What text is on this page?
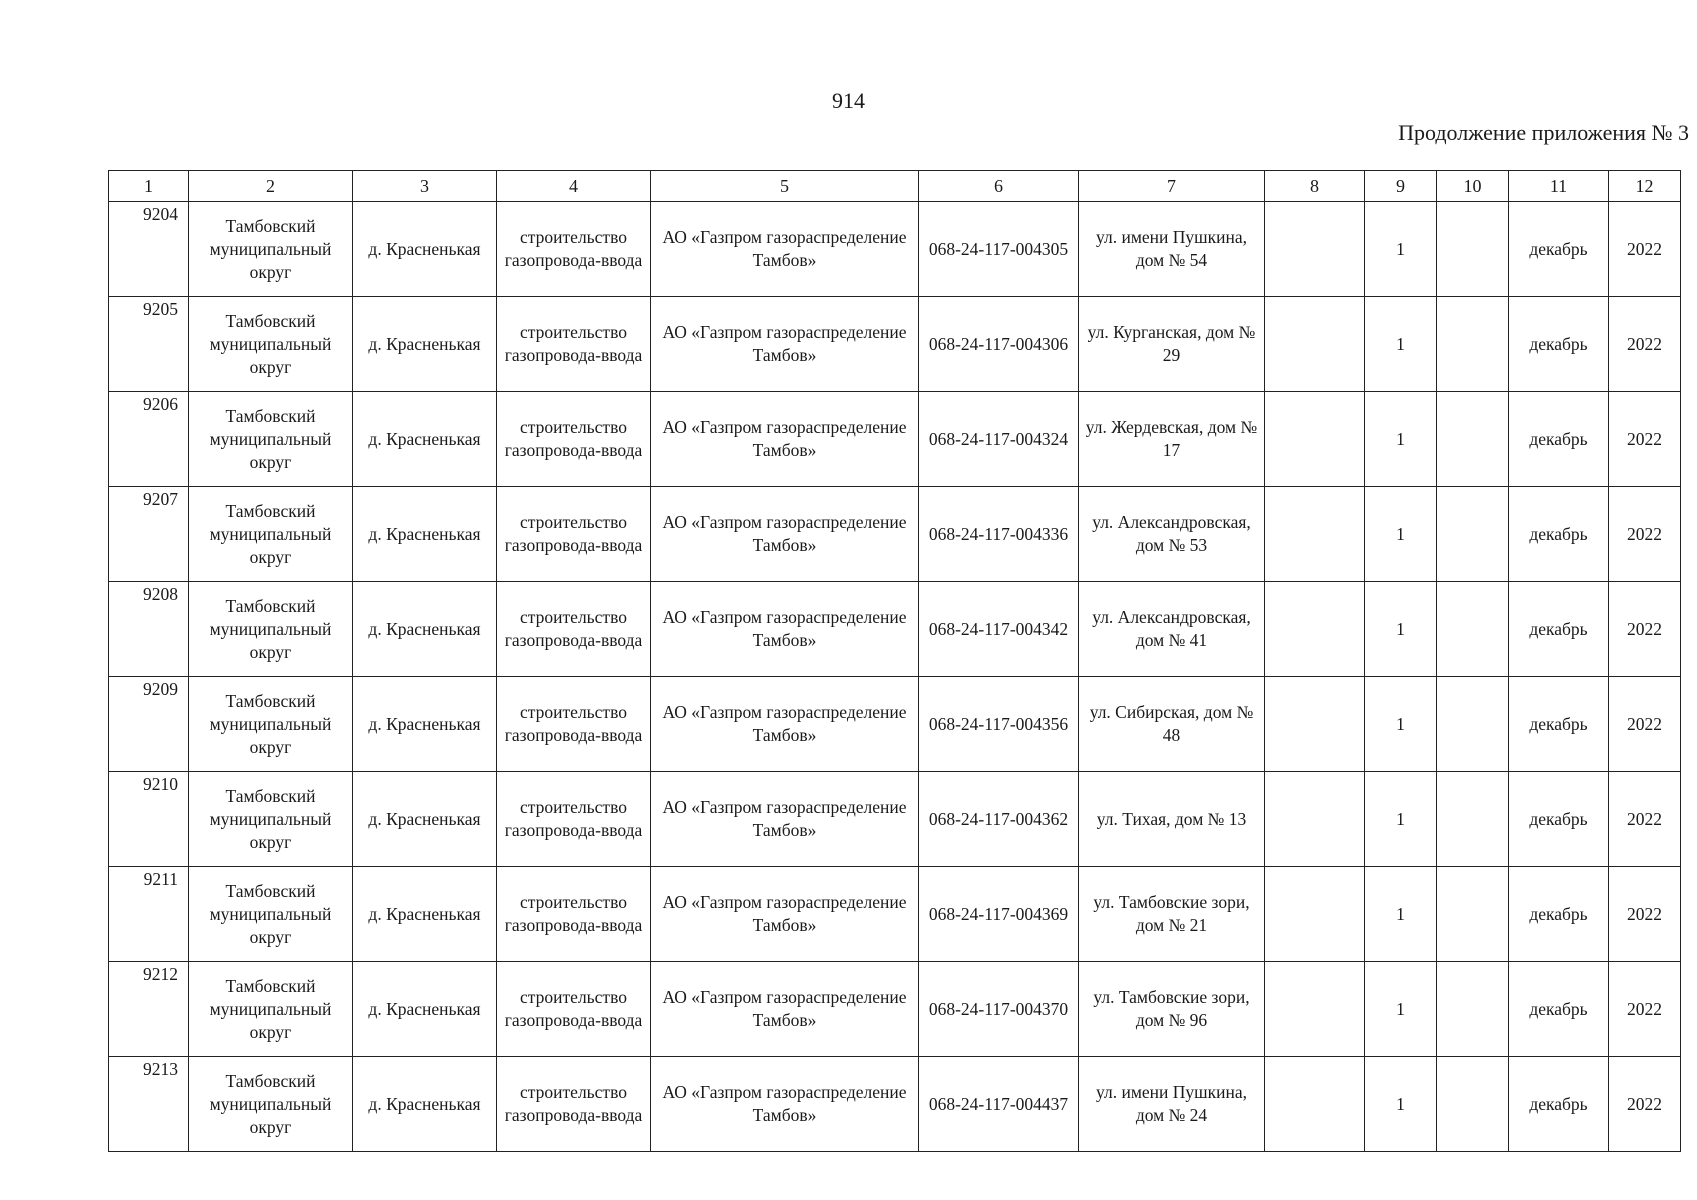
914
Продолжение приложения № 3
1	2	3	4	5	6	7	8	9	10	11	12
9204	Тамбовский муниципальный округ	д. Красненькая	строительство газопровода-ввода	АО «Газпром газораспределение Тамбов»	068-24-117-004305	ул. имени Пушкина, дом № 54		1		декабрь	2022
9205	Тамбовский муниципальный округ	д. Красненькая	строительство газопровода-ввода	АО «Газпром газораспределение Тамбов»	068-24-117-004306	ул. Курганская, дом № 29		1		декабрь	2022
9206	Тамбовский муниципальный округ	д. Красненькая	строительство газопровода-ввода	АО «Газпром газораспределение Тамбов»	068-24-117-004324	ул. Жердевская, дом № 17		1		декабрь	2022
9207	Тамбовский муниципальный округ	д. Красненькая	строительство газопровода-ввода	АО «Газпром газораспределение Тамбов»	068-24-117-004336	ул. Александровская, дом № 53		1		декабрь	2022
9208	Тамбовский муниципальный округ	д. Красненькая	строительство газопровода-ввода	АО «Газпром газораспределение Тамбов»	068-24-117-004342	ул. Александровская, дом № 41		1		декабрь	2022
9209	Тамбовский муниципальный округ	д. Красненькая	строительство газопровода-ввода	АО «Газпром газораспределение Тамбов»	068-24-117-004356	ул. Сибирская, дом № 48		1		декабрь	2022
9210	Тамбовский муниципальный округ	д. Красненькая	строительство газопровода-ввода	АО «Газпром газораспределение Тамбов»	068-24-117-004362	ул. Тихая, дом № 13		1		декабрь	2022
9211	Тамбовский муниципальный округ	д. Красненькая	строительство газопровода-ввода	АО «Газпром газораспределение Тамбов»	068-24-117-004369	ул. Тамбовские зори, дом № 21		1		декабрь	2022
9212	Тамбовский муниципальный округ	д. Красненькая	строительство газопровода-ввода	АО «Газпром газораспределение Тамбов»	068-24-117-004370	ул. Тамбовские зори, дом № 96		1		декабрь	2022
9213	Тамбовский муниципальный округ	д. Красненькая	строительство газопровода-ввода	АО «Газпром газораспределение Тамбов»	068-24-117-004437	ул. имени Пушкина, дом № 24		1		декабрь	2022
